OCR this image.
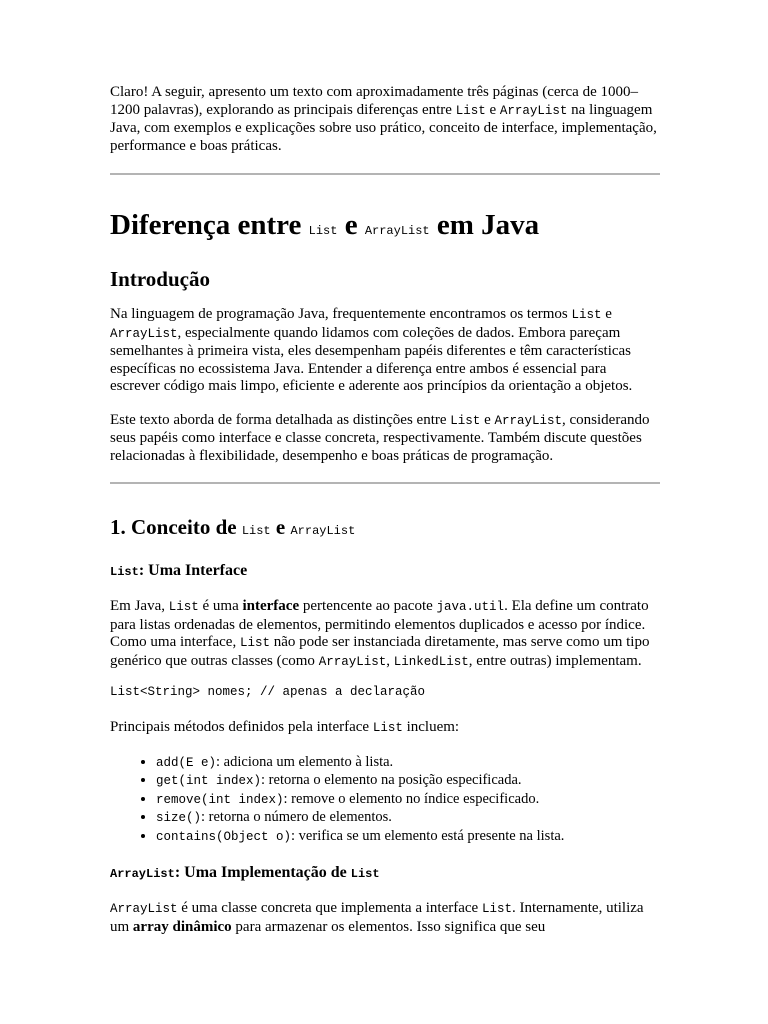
Claro! A seguir, apresento um texto com aproximadamente três páginas (cerca de 1000–1200 palavras), explorando as principais diferenças entre List e ArrayList na linguagem Java, com exemplos e explicações sobre uso prático, conceito de interface, implementação, performance e boas práticas.

Diferença entre List e ArrayList em Java
Introdução

Na linguagem de programação Java, frequentemente encontramos os termos List e ArrayList, especialmente quando lidamos com coleções de dados. Embora pareçam semelhantes à primeira vista, eles desempenham papéis diferentes e têm características específicas no ecossistema Java. Entender a diferença entre ambos é essencial para escrever código mais limpo, eficiente e aderente aos princípios da orientação a objetos.

Este texto aborda de forma detalhada as distinções entre List e ArrayList, considerando seus papéis como interface e classe concreta, respectivamente. Também discute questões relacionadas à flexibilidade, desempenho e boas práticas de programação.

1. Conceito de List e ArrayList
List: Uma Interface

Em Java, List é uma interface pertencente ao pacote java.util. Ela define um contrato para listas ordenadas de elementos, permitindo elementos duplicados e acesso por índice. Como uma interface, List não pode ser instanciada diretamente, mas serve como um tipo genérico que outras classes (como ArrayList, LinkedList, entre outras) implementam.

List<String> nomes; // apenas a declaração

Principais métodos definidos pela interface List incluem:

• add(E e): adiciona um elemento à lista.
• get(int index): retorna o elemento na posição especificada.
• remove(int index): remove o elemento no índice especificado.
• size(): retorna o número de elementos.
• contains(Object o): verifica se um elemento está presente na lista.
ArrayList: Uma Implementação de List

ArrayList é uma classe concreta que implementa a interface List. Internamente, utiliza um array dinâmico para armazenar os elementos. Isso significa que seu
